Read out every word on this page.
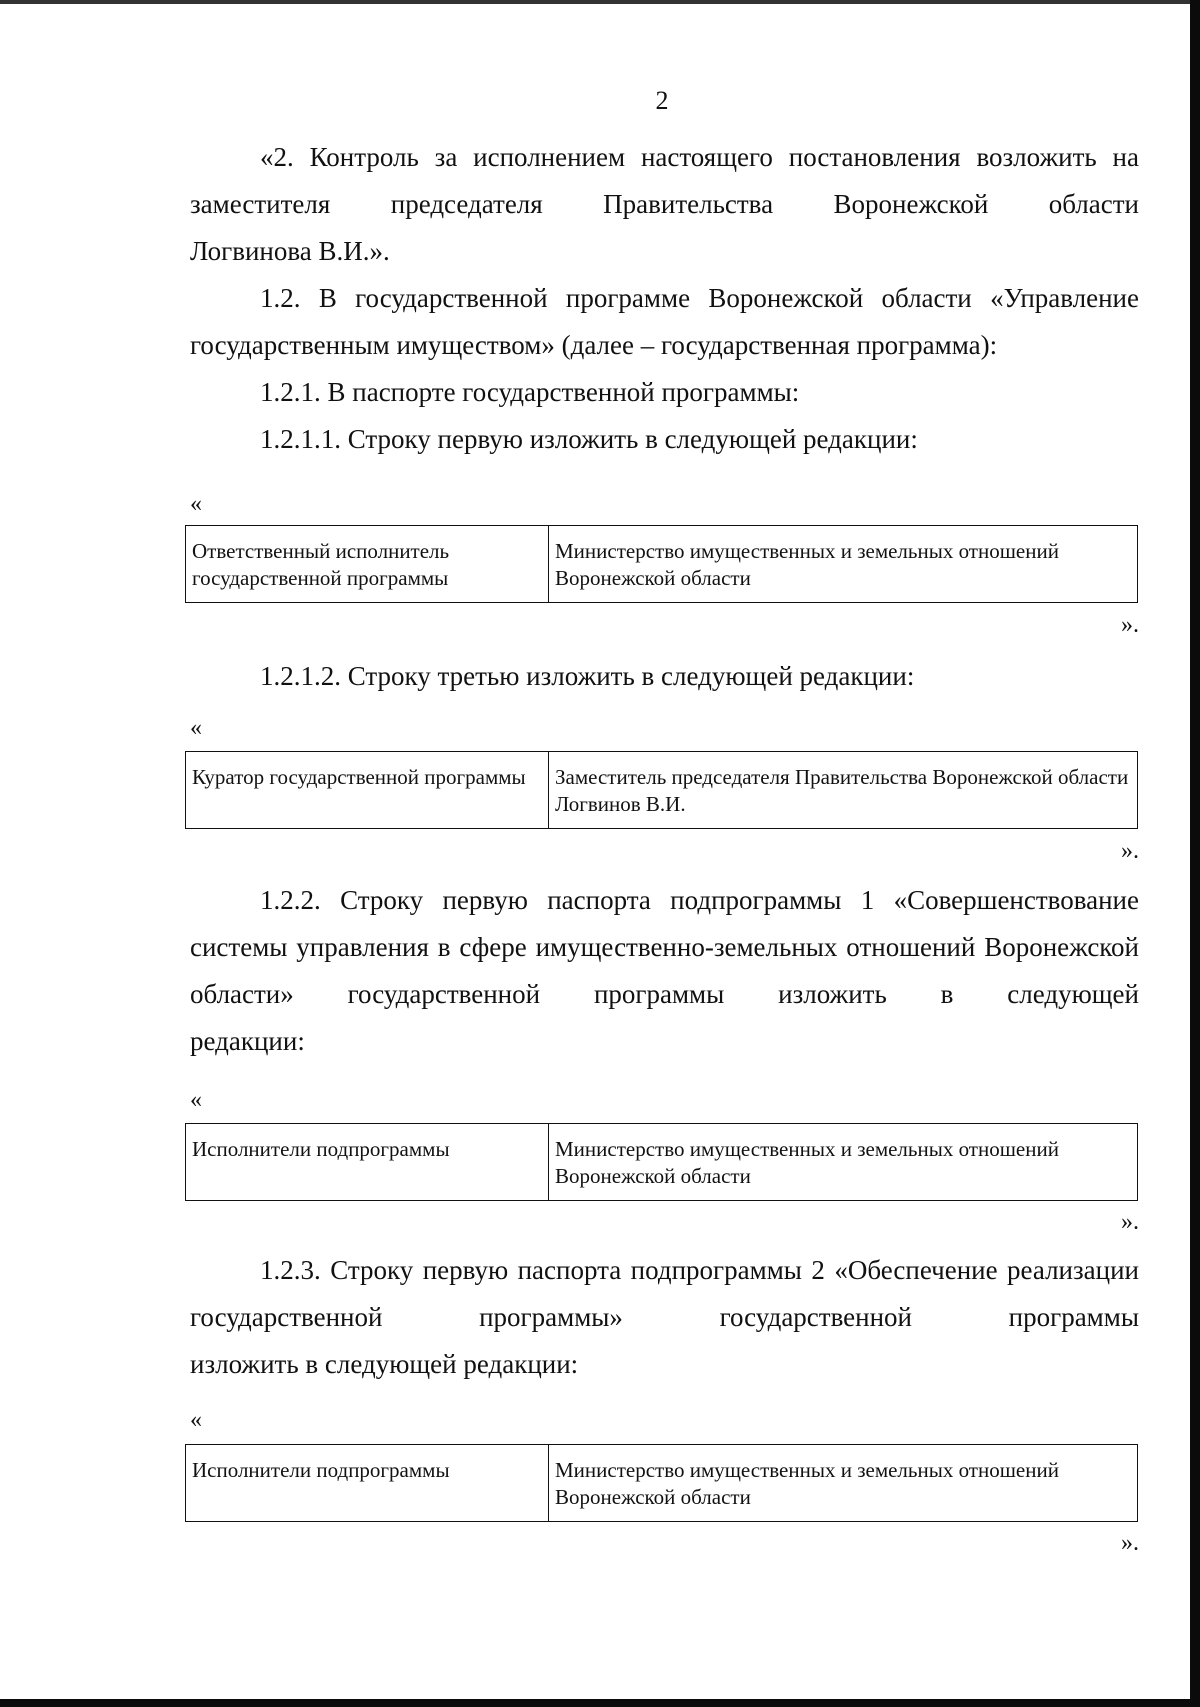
2

«2. Контроль за исполнением настоящего постановления возложить на заместителя председателя Правительства Воронежской области

Логвинова В.И.».

1.2. В государственной программе Воронежской области «Управление государственным имуществом» (далее – государственная программа):

1.2.1. В паспорте государственной программы:

1.2.1.1. Строку первую изложить в следующей редакции:

«
Ответственный исполнитель государственной программы	Министерство имущественных и земельных отношений Воронежской области
».

1.2.1.2. Строку третью изложить в следующей редакции:

«
Куратор государственной программы	Заместитель председателя Правительства Воронежской области Логвинов В.И.
».

1.2.2. Строку первую паспорта подпрограммы 1 «Совершенствование системы управления в сфере имущественно-земельных отношений Воронежской области» государственной программы изложить в следующей

редакции:

«
Исполнители подпрограммы	Министерство имущественных и земельных отношений Воронежской области
».

1.2.3. Строку первую паспорта подпрограммы 2 «Обеспечение реализации государственной программы» государственной программы

изложить в следующей редакции:

«
Исполнители подпрограммы	Министерство имущественных и земельных отношений Воронежской области
».
